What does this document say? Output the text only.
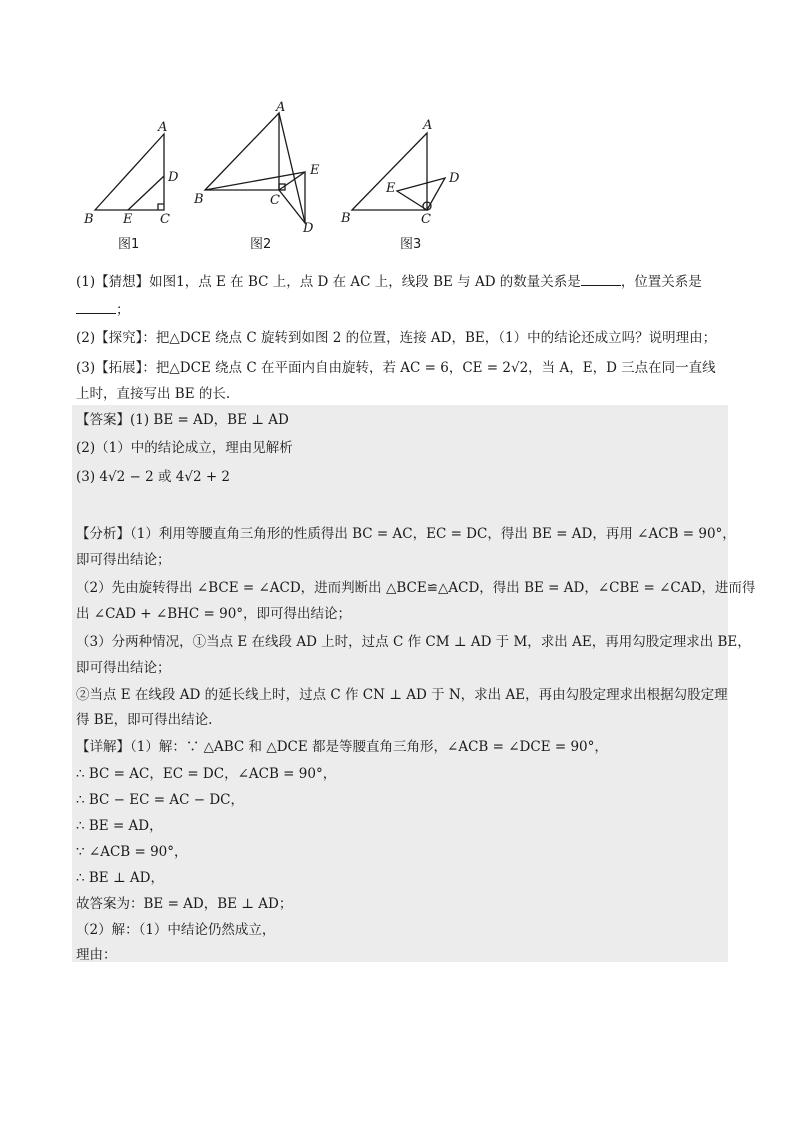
A
B	C
D
E
A
B	C
D
E
A
B	C
D
E
图1	图2	图3
(1)【猜想】如图1，点 E 在 BC 上，点 D 在 AC 上，线段 BE 与 AD 的数量关系是	，位置关系是
；
(2)【探究】：把△DCE 绕点 C 旋转到如图 2 的位置，连接 AD，BE，（1）中的结论还成立吗？说明理由；
(3)【拓展】：把△DCE 绕点 C 在平面内自由旋转，若 AC = 6，CE = 2√2，当 A，E，D 三点在同一直线
上时，直接写出 BE 的长.
【答案】(1) BE = AD，BE ⊥ AD
(2)（1）中的结论成立，理由见解析
(3) 4√2 − 2 或 4√2 + 2
【分析】（1）利用等腰直角三角形的性质得出 BC = AC，EC = DC，得出 BE = AD，再用 ∠ACB = 90°，
即可得出结论；
（2）先由旋转得出 ∠BCE = ∠ACD，进而判断出 △BCE≌△ACD，得出 BE = AD，∠CBE = ∠CAD，进而得
出 ∠CAD + ∠BHC = 90°，即可得出结论；
（3）分两种情况，①当点 E 在线段 AD 上时，过点 C 作 CM ⊥ AD 于 M，求出 AE，再用勾股定理求出 BE，
即可得出结论；
②当点 E 在线段 AD 的延长线上时，过点 C 作 CN ⊥ AD 于 N，求出 AE，再由勾股定理求出根据勾股定理
得 BE，即可得出结论.
【详解】（1）解：∵ △ABC 和 △DCE 都是等腰直角三角形，∠ACB = ∠DCE = 90°，
∴ BC = AC，EC = DC，∠ACB = 90°，
∴ BC − EC = AC − DC，
∴ BE = AD，
∵ ∠ACB = 90°，
∴ BE ⊥ AD，
故答案为：BE = AD，BE ⊥ AD；
（2）解：（1）中结论仍然成立，
理由：
